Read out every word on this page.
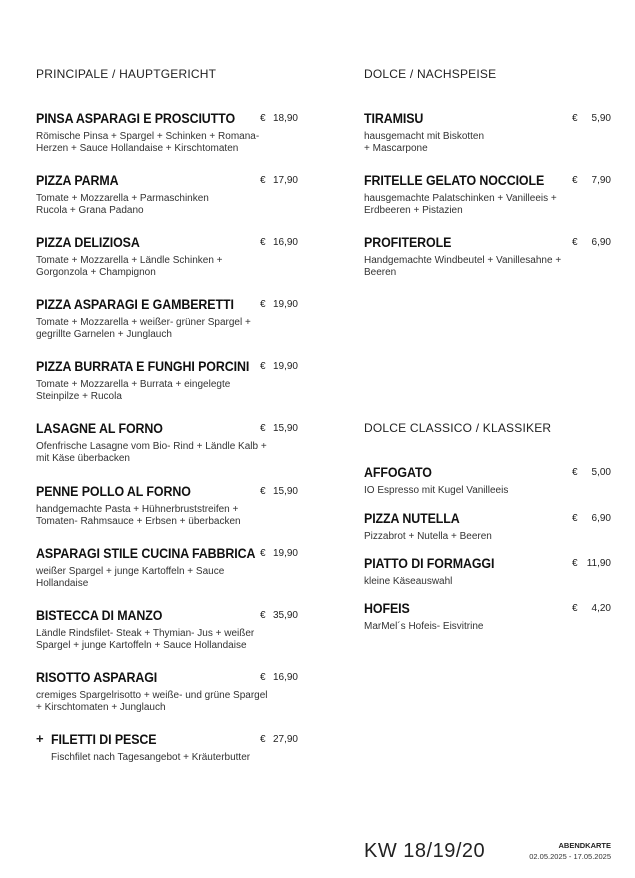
PRINCIPALE / HAUPTGERICHT	DOLCE / NACHSPEISE
DOLCE CLASSICO / KLASSIKER
PINSA ASPARAGI E PROSCIUTTO € 18,90
Römische Pinsa + Spargel + Schinken + Romana-
Herzen + Sauce Hollandaise + Kirschtomaten
PIZZA PARMA	€ 17,90
Tomate + Mozzarella + Parmaschinken
Rucola + Grana Padano
PIZZA DELIZIOSA	€ 16,90
Tomate + Mozzarella + Ländle Schinken +
Gorgonzola + Champignon
PIZZA ASPARAGI E GAMBERETTI	€ 19,90
Tomate + Mozzarella + weißer- grüner Spargel +
gegrillte Garnelen + Junglauch
PIZZA BURRATA E FUNGHI PORCINI € 19,90
Tomate + Mozzarella + Burrata + eingelegte
Steinpilze + Rucola
LASAGNE AL FORNO	€ 15,90
Ofenfrische Lasagne vom Bio- Rind + Ländle Kalb +
mit Käse überbacken
PENNE POLLO AL FORNO	€ 15,90
handgemachte Pasta + Hühnerbruststreifen +
Tomaten- Rahmsauce + Erbsen + überbacken
ASPARAGI STILE CUCINA FABBRICA € 19,90
weißer Spargel + junge Kartoffeln + Sauce
Hollandaise
BISTECCA DI MANZO	€ 35,90
Ländle Rindsfilet- Steak + Thymian- Jus + weißer
Spargel + junge Kartoffeln + Sauce Hollandaise
RISOTTO ASPARAGI	€ 16,90
cremiges Spargelrisotto + weiße- und grüne Spargel
+ Kirschtomaten + Junglauch
+ FILETTI DI PESCE	€ 27,90
Fischfilet nach Tagesangebot + Kräuterbutter
TIRAMISU	€	5,90
hausgemacht mit Biskotten
+ Mascarpone
FRITELLE GELATO NOCCIOLE	€	7,90
hausgemachte Palatschinken + Vanilleeis +
Erdbeeren + Pistazien
PROFITEROLE	€	6,90
Handgemachte Windbeutel + Vanillesahne +
Beeren
AFFOGATO	€	5,00
IO Espresso mit Kugel Vanilleeis
PIZZA NUTELLA	€	6,90
Pizzabrot + Nutella + Beeren
PIATTO DI FORMAGGI	€ 11,90
kleine Käseauswahl
HOFEIS	€	4,20
MarMel´s Hofeis- Eisvitrine
KW 18/19/20	ABENDKARTE
02.05.2025 - 17.05.2025
